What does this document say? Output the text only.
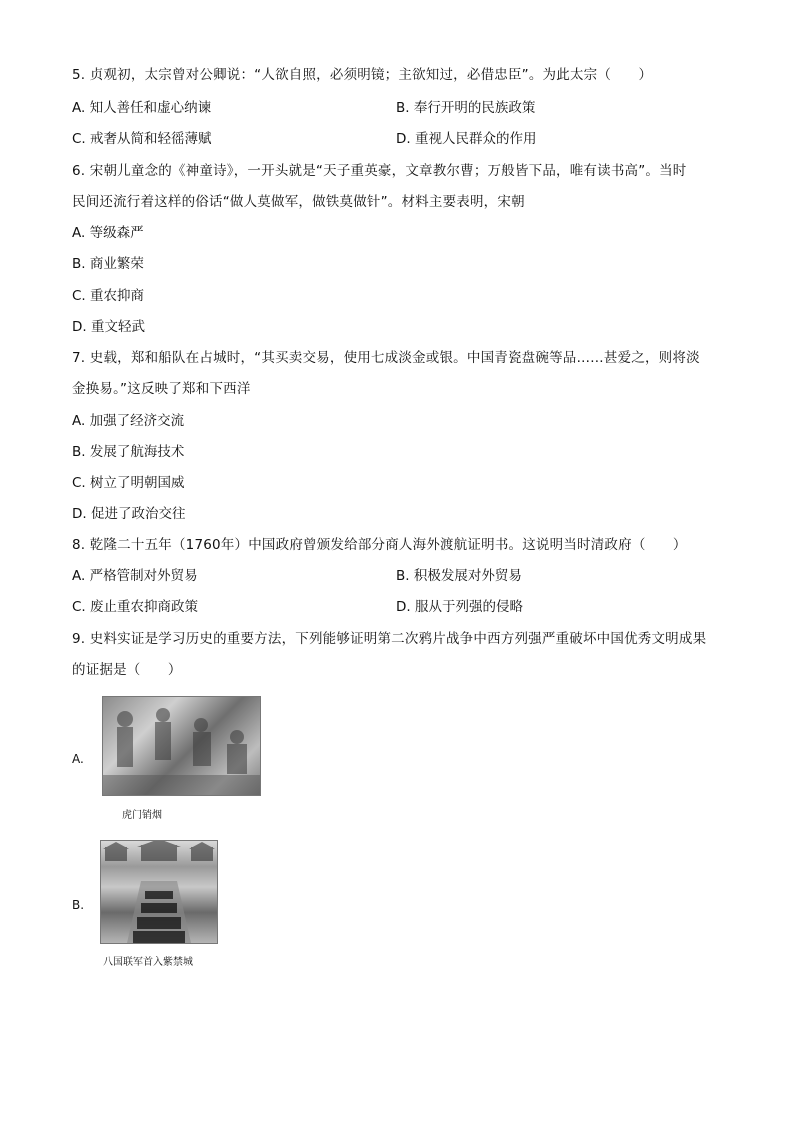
5. 贞观初，太宗曾对公卿说：“人欲自照，必须明镜；主欲知过，必借忠臣”。为此太宗（　　）
A. 知人善任和虚心纳谏	B. 奉行开明的民族政策
C. 戒奢从简和轻徭薄赋	D. 重视人民群众的作用
6. 宋朝儿童念的《神童诗》，一开头就是“天子重英豪，文章教尔曹；万般皆下品，唯有读书高”。当时
民间还流行着这样的俗话“做人莫做军，做铁莫做针”。材料主要表明，宋朝
A. 等级森严
B. 商业繁荣
C. 重农抑商
D. 重文轻武
7. 史载，郑和船队在占城时，“其买卖交易，使用七成淡金或银。中国青瓷盘碗等品……甚爱之，则将淡
金换易。”这反映了郑和下西洋
A. 加强了经济交流
B. 发展了航海技术
C. 树立了明朝国威
D. 促进了政治交往
8. 乾隆二十五年（1760年）中国政府曾颁发给部分商人海外渡航证明书。这说明当时清政府（　　）
A. 严格管制对外贸易	B. 积极发展对外贸易
C. 废止重农抑商政策	D. 服从于列强的侵略
9. 史料实证是学习历史的重要方法，下列能够证明第二次鸦片战争中西方列强严重破坏中国优秀文明成果
的证据是（　　）
A.
虎门销烟
B.
八国联军首入紫禁城
